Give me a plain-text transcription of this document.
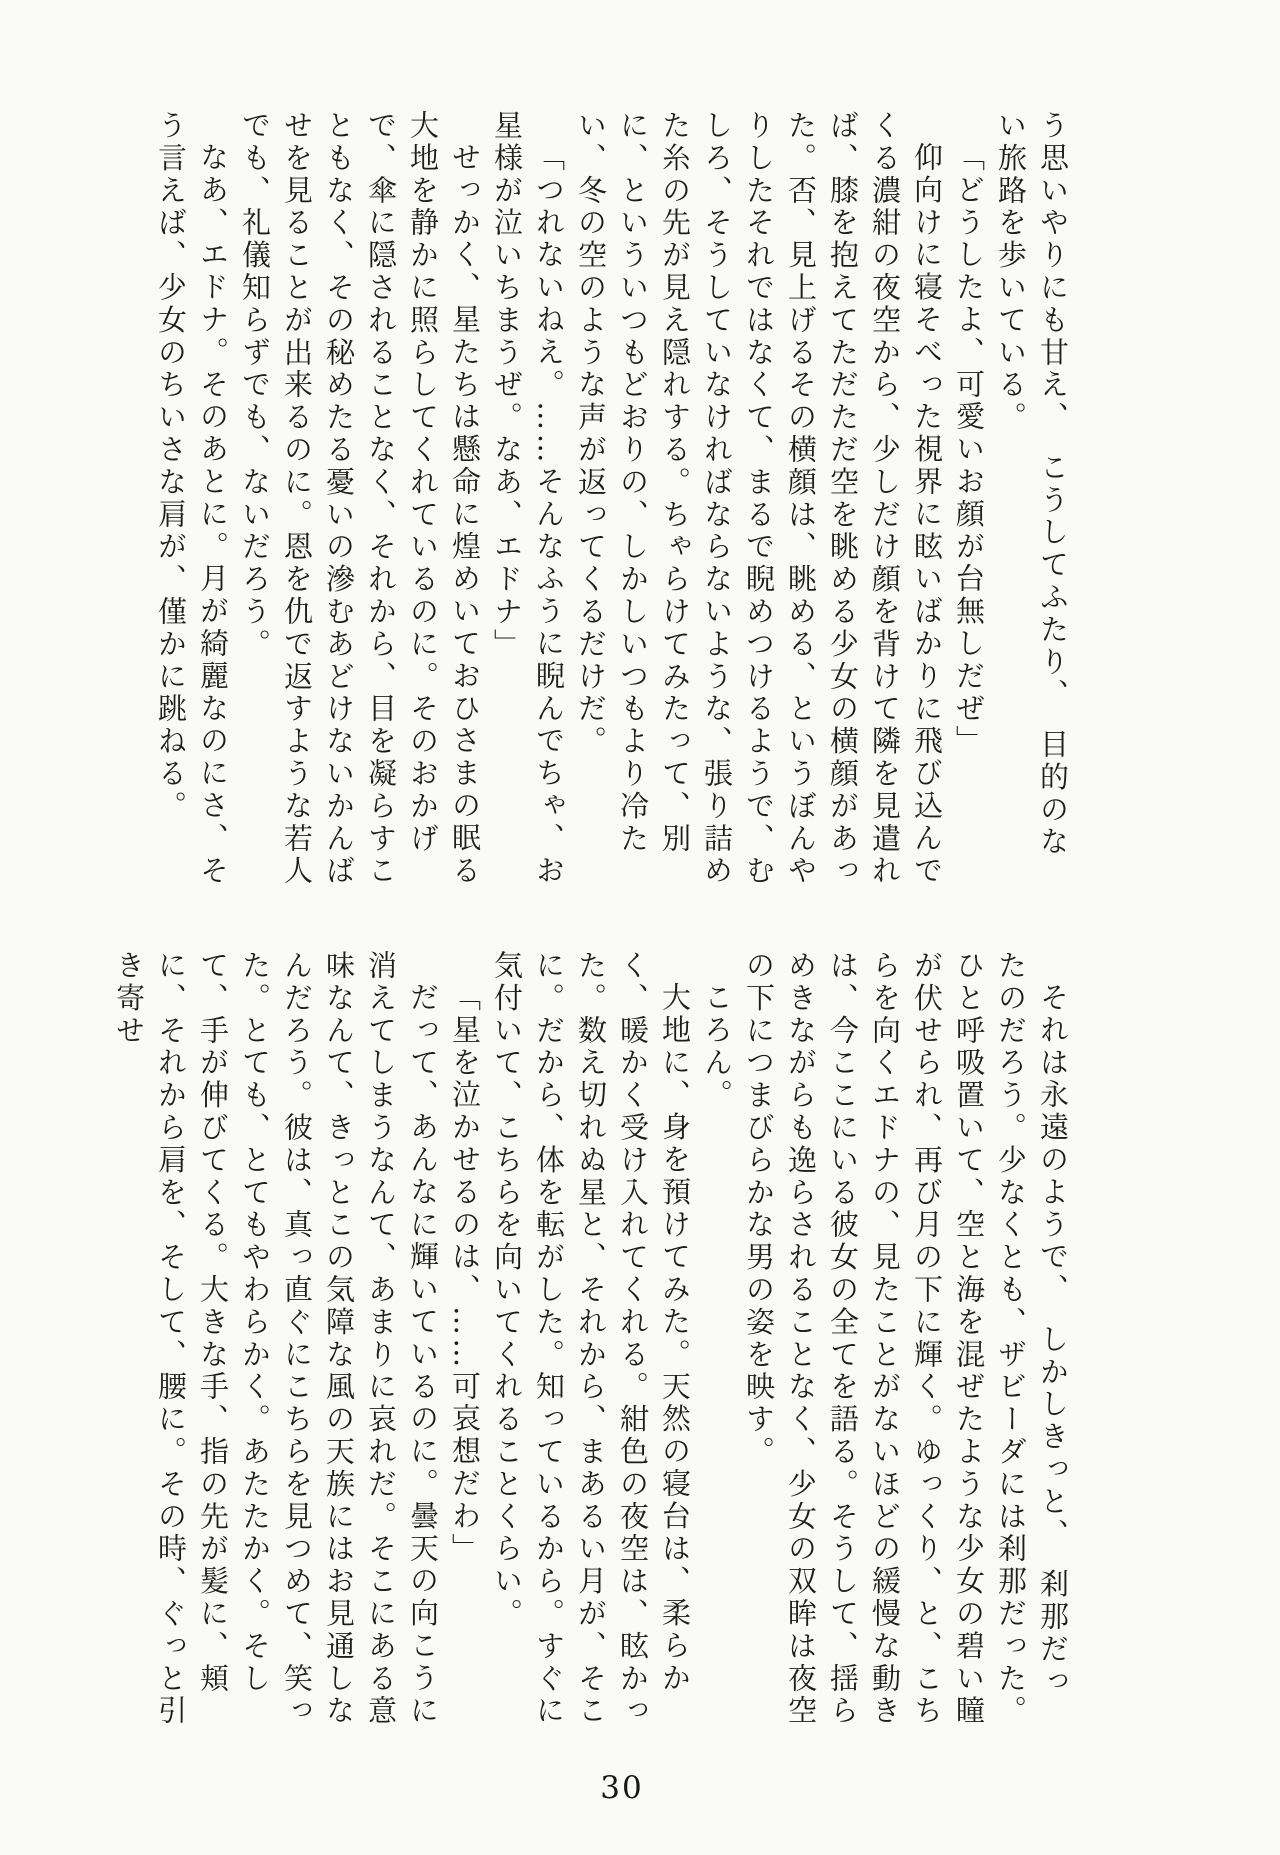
う思いやりにも甘え、　こうしてふたり、　目的のない旅路を歩いている。

「どうしたよ、可愛いお顔が台無しだぜ」

仰向けに寝そべった視界に眩いばかりに飛び込んでくる濃紺の夜空から、少しだけ顔を背けて隣を見遣れば、膝を抱えてただただ空を眺める少女の横顔があった。否、見上げるその横顔は、眺める、というぼんやりしたそれではなくて、まるで睨めつけるようで、むしろ、そうしていなければならないような、張り詰めた糸の先が見え隠れする。ちゃらけてみたって、別に、といういつもどおりの、しかしいつもより冷たい、冬の空のような声が返ってくるだけだ。

「つれないねえ。……そんなふうに睨んでちゃ、お星様が泣いちまうぜ。なあ、エドナ」

せっかく、星たちは懸命に煌めいておひさまの眠る大地を静かに照らしてくれているのに。そのおかげで、傘に隠されることなく、それから、目を凝らすこともなく、その秘めたる憂いの滲むあどけないかんばせを見ることが出来るのに。恩を仇で返すような若人でも、礼儀知らずでも、ないだろう。

なあ、エドナ。そのあとに。月が綺麗なのにさ、そう言えば、少女のちいさな肩が、僅かに跳ねる。

それは永遠のようで、　しかしきっと、　刹那だったのだろう。少なくとも、ザビーダには刹那だった。ひと呼吸置いて、空と海を混ぜたような少女の碧い瞳が伏せられ、再び月の下に輝く。ゆっくり、と、こちらを向くエドナの、見たことがないほどの緩慢な動きは、今ここにいる彼女の全てを語る。そうして、揺らめきながらも逸らされることなく、少女の双眸は夜空の下につまびらかな男の姿を映す。

ころん。

大地に、身を預けてみた。天然の寝台は、柔らかく、暖かく受け入れてくれる。紺色の夜空は、眩かった。数え切れぬ星と、それから、まあるい月が、そこに。だから、体を転がした。知っているから。すぐに気付いて、こちらを向いてくれることくらい。

「星を泣かせるのは、……可哀想だわ」

だって、あんなに輝いているのに。曇天の向こうに消えてしまうなんて、あまりに哀れだ。そこにある意味なんて、きっとこの気障な風の天族にはお見通しなんだろう。彼は、真っ直ぐにこちらを見つめて、笑った。とても、とてもやわらかく。あたたかく。そして、手が伸びてくる。大きな手、指の先が髪に、頬に、それから肩を、そして、腰に。その時、ぐっと引き寄せ

30
